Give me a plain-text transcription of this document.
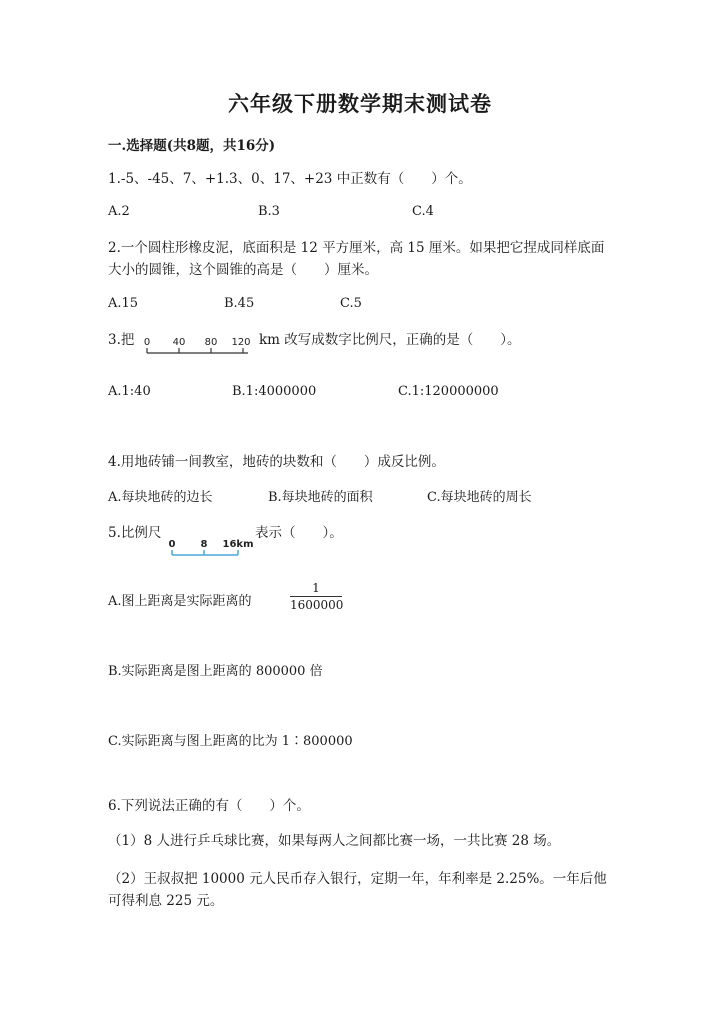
六年级下册数学期末测试卷
一.选择题(共8题，共16分)
1.-5、-45、7、+1.3、0、17、+23 中正数有（　　）个。
A.2	B.3	C.4
2.一个圆柱形橡皮泥，底面积是 12 平方厘米，高 15 厘米。如果把它捏成同样底面大小的圆锥，这个圆锥的高是（　　）厘米。
A.15	B.45	C.5
3.把 0 40 80 120 km 改写成数字比例尺，正确的是（　　）。
A.1:40	B.1:4000000	C.1:120000000
4.用地砖铺一间教室，地砖的块数和（　　）成反比例。
A.每块地砖的边长	B.每块地砖的面积	C.每块地砖的周长
5.比例尺
0	8 16km
表示（　　）。
A.图上距离是实际距离的
1
1600000
B.实际距离是图上距离的 800000 倍
C.实际距离与图上距离的比为 1∶800000
6.下列说法正确的有（　　）个。
（1）8 人进行乒乓球比赛，如果每两人之间都比赛一场，一共比赛 28 场。
（2）王叔叔把 10000 元人民币存入银行，定期一年，年利率是 2.25%。一年后他可得利息 225 元。
